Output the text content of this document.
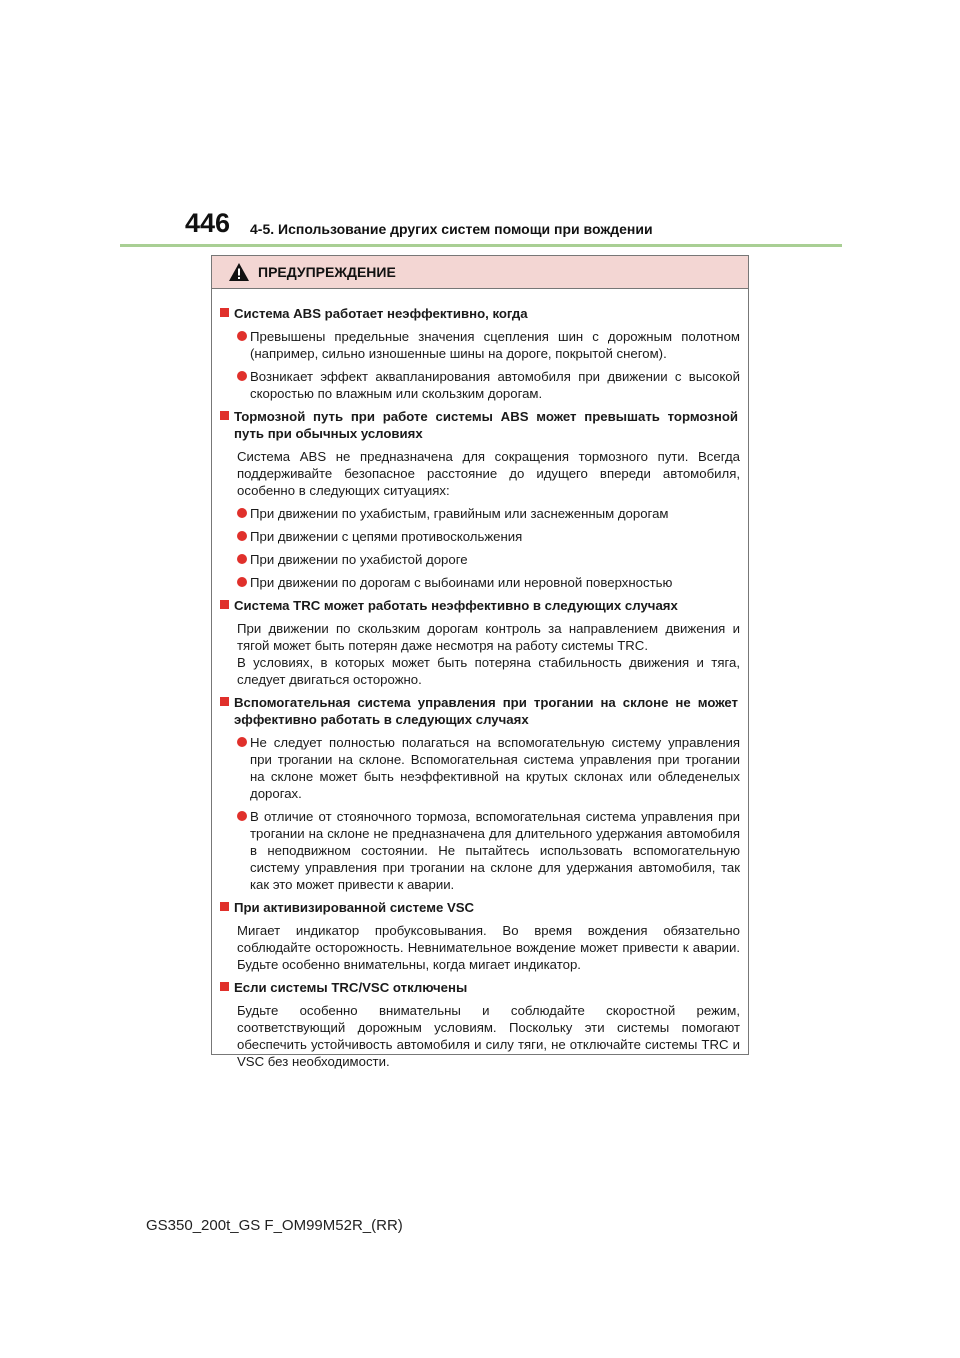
446 4-5. Использование других систем помощи при вождении
ПРЕДУПРЕЖДЕНИЕ
Система ABS работает неэффективно, когда
Превышены предельные значения сцепления шин с дорожным полотном (например, сильно изношенные шины на дороге, покрытой снегом).
Возникает эффект аквапланирования автомобиля при движении с высокой скоростью по влажным или скользким дорогам.
Тормозной путь при работе системы ABS может превышать тормозной путь при обычных условиях
Система ABS не предназначена для сокращения тормозного пути. Всегда поддерживайте безопасное расстояние до идущего впереди автомобиля, особенно в следующих ситуациях:
При движении по ухабистым, гравийным или заснеженным дорогам
При движении с цепями противоскольжения
При движении по ухабистой дороге
При движении по дорогам с выбоинами или неровной поверхностью
Система TRC может работать неэффективно в следующих случаях
При движении по скользким дорогам контроль за направлением движения и тягой может быть потерян даже несмотря на работу системы TRC.
В условиях, в которых может быть потеряна стабильность движения и тяга, следует двигаться осторожно.
Вспомогательная система управления при трогании на склоне не может эффективно работать в следующих случаях
Не следует полностью полагаться на вспомогательную систему управления при трогании на склоне. Вспомогательная система управления при трогании на склоне может быть неэффективной на крутых склонах или обледенелых дорогах.
В отличие от стояночного тормоза, вспомогательная система управления при трогании на склоне не предназначена для длительного удержания автомобиля в неподвижном состоянии. Не пытайтесь использовать вспомогательную систему управления при трогании на склоне для удержания автомобиля, так как это может привести к аварии.
При активизированной системе VSC
Мигает индикатор пробуксовывания. Во время вождения обязательно соблюдайте осторожность. Невнимательное вождение может привести к аварии. Будьте особенно внимательны, когда мигает индикатор.
Если системы TRC/VSC отключены
Будьте особенно внимательны и соблюдайте скоростной режим, соответствующий дорожным условиям. Поскольку эти системы помогают обеспечить устойчивость автомобиля и силу тяги, не отключайте системы TRC и VSC без необходимости.
GS350_200t_GS F_OM99M52R_(RR)
